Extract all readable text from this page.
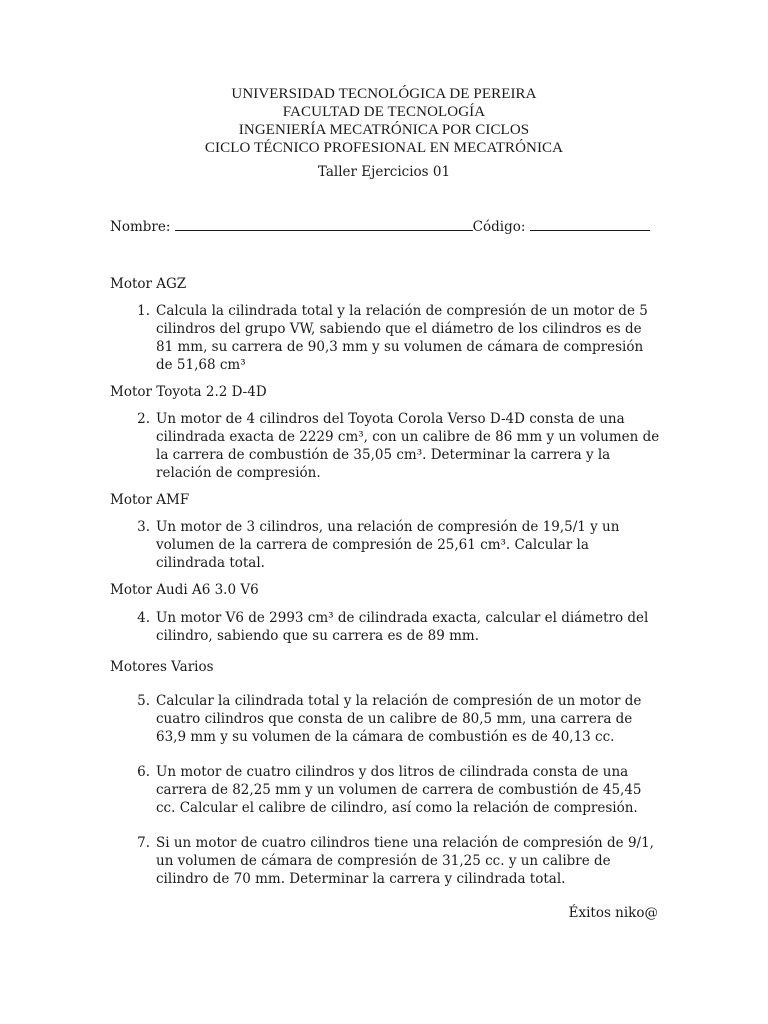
UNIVERSIDAD TECNOLÓGICA DE PEREIRA
FACULTAD DE TECNOLOGÍA
INGENIERÍA MECATRÓNICA POR CICLOS
CICLO TÉCNICO PROFESIONAL EN MECATRÓNICA
Taller Ejercicios 01
Nombre:	Código:
Motor AGZ
1. Calcula la cilindrada total y la relación de compresión de un motor de 5 cilindros del grupo VW, sabiendo que el diámetro de los cilindros es de 81 mm, su carrera de 90,3 mm y su volumen de cámara de compresión de 51,68 cm³
Motor Toyota 2.2 D-4D
2. Un motor de 4 cilindros del Toyota Corola Verso D-4D consta de una cilindrada exacta de 2229 cm³, con un calibre de 86 mm y un volumen de la carrera de combustión de 35,05 cm³. Determinar la carrera y la relación de compresión.
Motor AMF
3. Un motor de 3 cilindros, una relación de compresión de 19,5/1 y un volumen de la carrera de compresión de 25,61 cm³. Calcular la cilindrada total.
Motor Audi A6 3.0 V6
4. Un motor V6 de 2993 cm³ de cilindrada exacta, calcular el diámetro del cilindro, sabiendo que su carrera es de 89 mm.
Motores Varios
5. Calcular la cilindrada total y la relación de compresión de un motor de cuatro cilindros que consta de un calibre de 80,5 mm, una carrera de 63,9 mm y su volumen de la cámara de combustión es de 40,13 cc.
6. Un motor de cuatro cilindros y dos litros de cilindrada consta de una carrera de 82,25 mm y un volumen de carrera de combustión de 45,45 cc. Calcular el calibre de cilindro, así como la relación de compresión.
7. Si un motor de cuatro cilindros tiene una relación de compresión de 9/1, un volumen de cámara de compresión de 31,25 cc. y un calibre de cilindro de 70 mm. Determinar la carrera y cilindrada total.
Éxitos niko@
